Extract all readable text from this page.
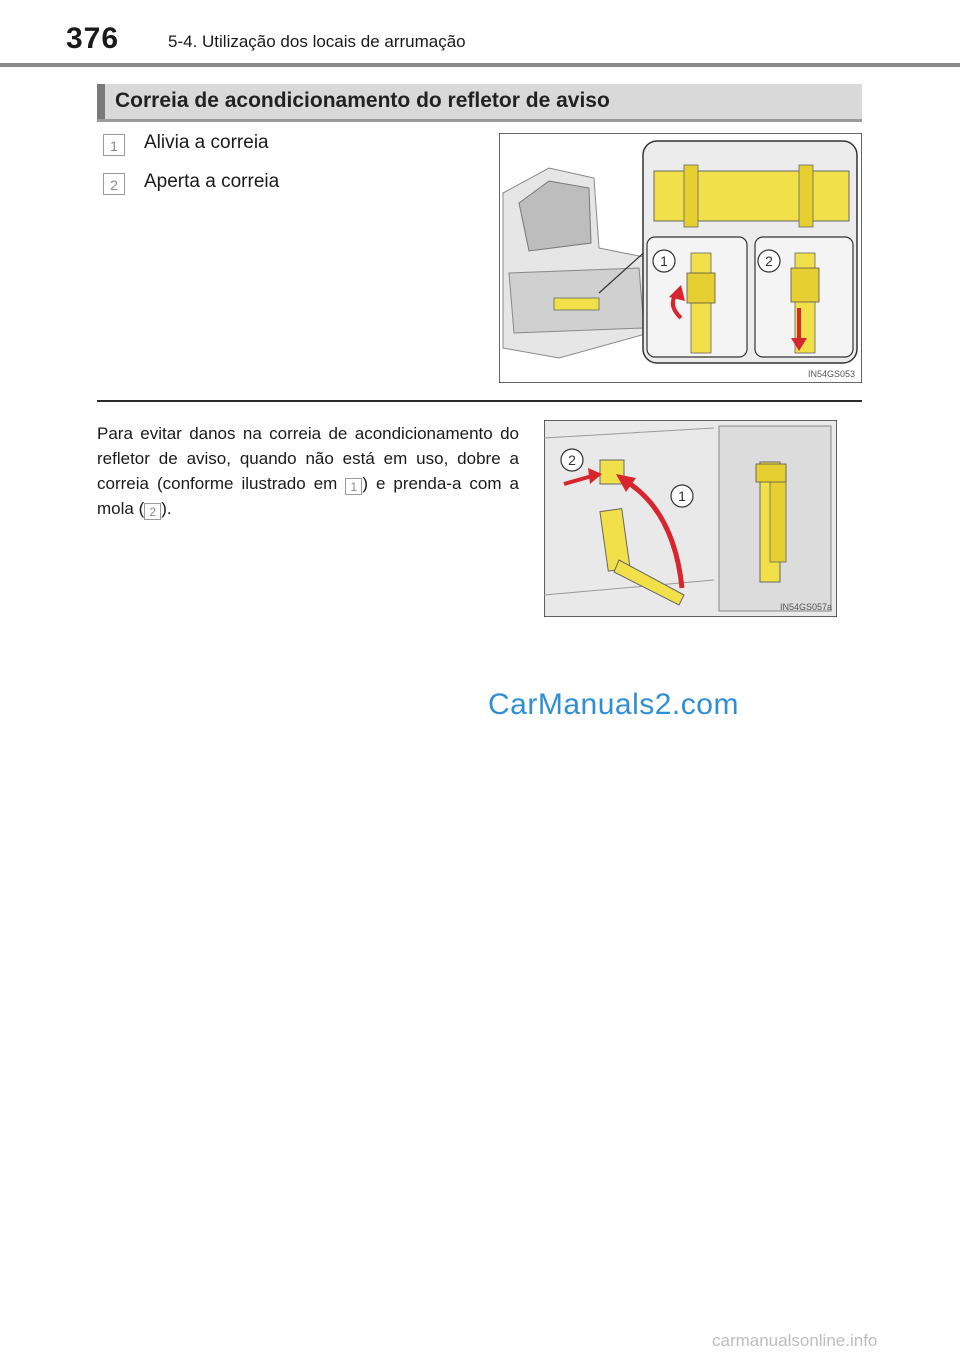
376	5-4. Utilização dos locais de arrumação
Correia de acondicionamento do refletor de aviso
1	Alivia a correia
2	Aperta a correia
1	2
IN54GS053

Para evitar danos na correia de acondicionamento do refletor de aviso, quando não está em uso, dobre a correia (conforme ilustrado em 1 ) e prenda-a com a mola ( 2 ).

2
1
IN54GS057a
CarManuals2.com
carmanualsonline.info
